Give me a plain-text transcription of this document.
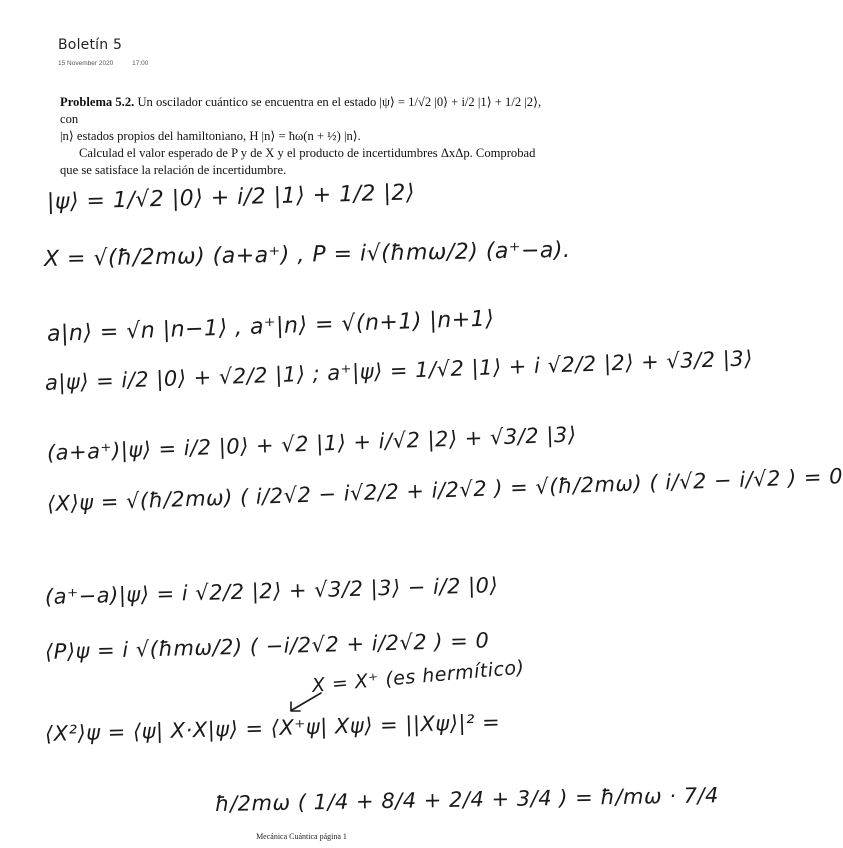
Boletín 5
15 November 2020	17:00

Problema 5.2. Un oscilador cuántico se encuentra en el estado |ψ⟩ = 1/√2 |0⟩ + i/2 |1⟩ + 1/2 |2⟩, con

|n⟩ estados propios del hamiltoniano, H |n⟩ = ħω(n + ½) |n⟩.

Calculad el valor esperado de P y de X y el producto de incertidumbres ΔxΔp. Comprobad

que se satisface la relación de incertidumbre.

|ψ⟩ = 1/√2 |0⟩ + i/2 |1⟩ + 1/2 |2⟩
X = √(ħ/2mω) (a+a⁺) , P = i√(ħmω/2) (a⁺−a).
a|n⟩ = √n |n−1⟩ , a⁺|n⟩ = √(n+1) |n+1⟩
a|ψ⟩ = i/2 |0⟩ + √2/2 |1⟩ ; a⁺|ψ⟩ = 1/√2 |1⟩ + i √2/2 |2⟩ + √3/2 |3⟩
(a+a⁺)|ψ⟩ = i/2 |0⟩ + √2 |1⟩ + i/√2 |2⟩ + √3/2 |3⟩
⟨X⟩ψ = √(ħ/2mω) ( i/2√2 − i√2/2 + i/2√2 ) = √(ħ/2mω) ( i/√2 − i/√2 ) = 0
(a⁺−a)|ψ⟩ = i √2/2 |2⟩ + √3/2 |3⟩ − i/2 |0⟩
⟨P⟩ψ = i √(ħmω/2) ( −i/2√2 + i/2√2 ) = 0
X = X⁺ (es hermítico)
⟨X²⟩ψ = ⟨ψ| X·X|ψ⟩ = ⟨X⁺ψ| Xψ⟩ = ||Xψ⟩|² =
ħ/2mω ( 1/4 + 8/4 + 2/4 + 3/4 ) = ħ/mω · 7/4
Mecánica Cuántica página 1
